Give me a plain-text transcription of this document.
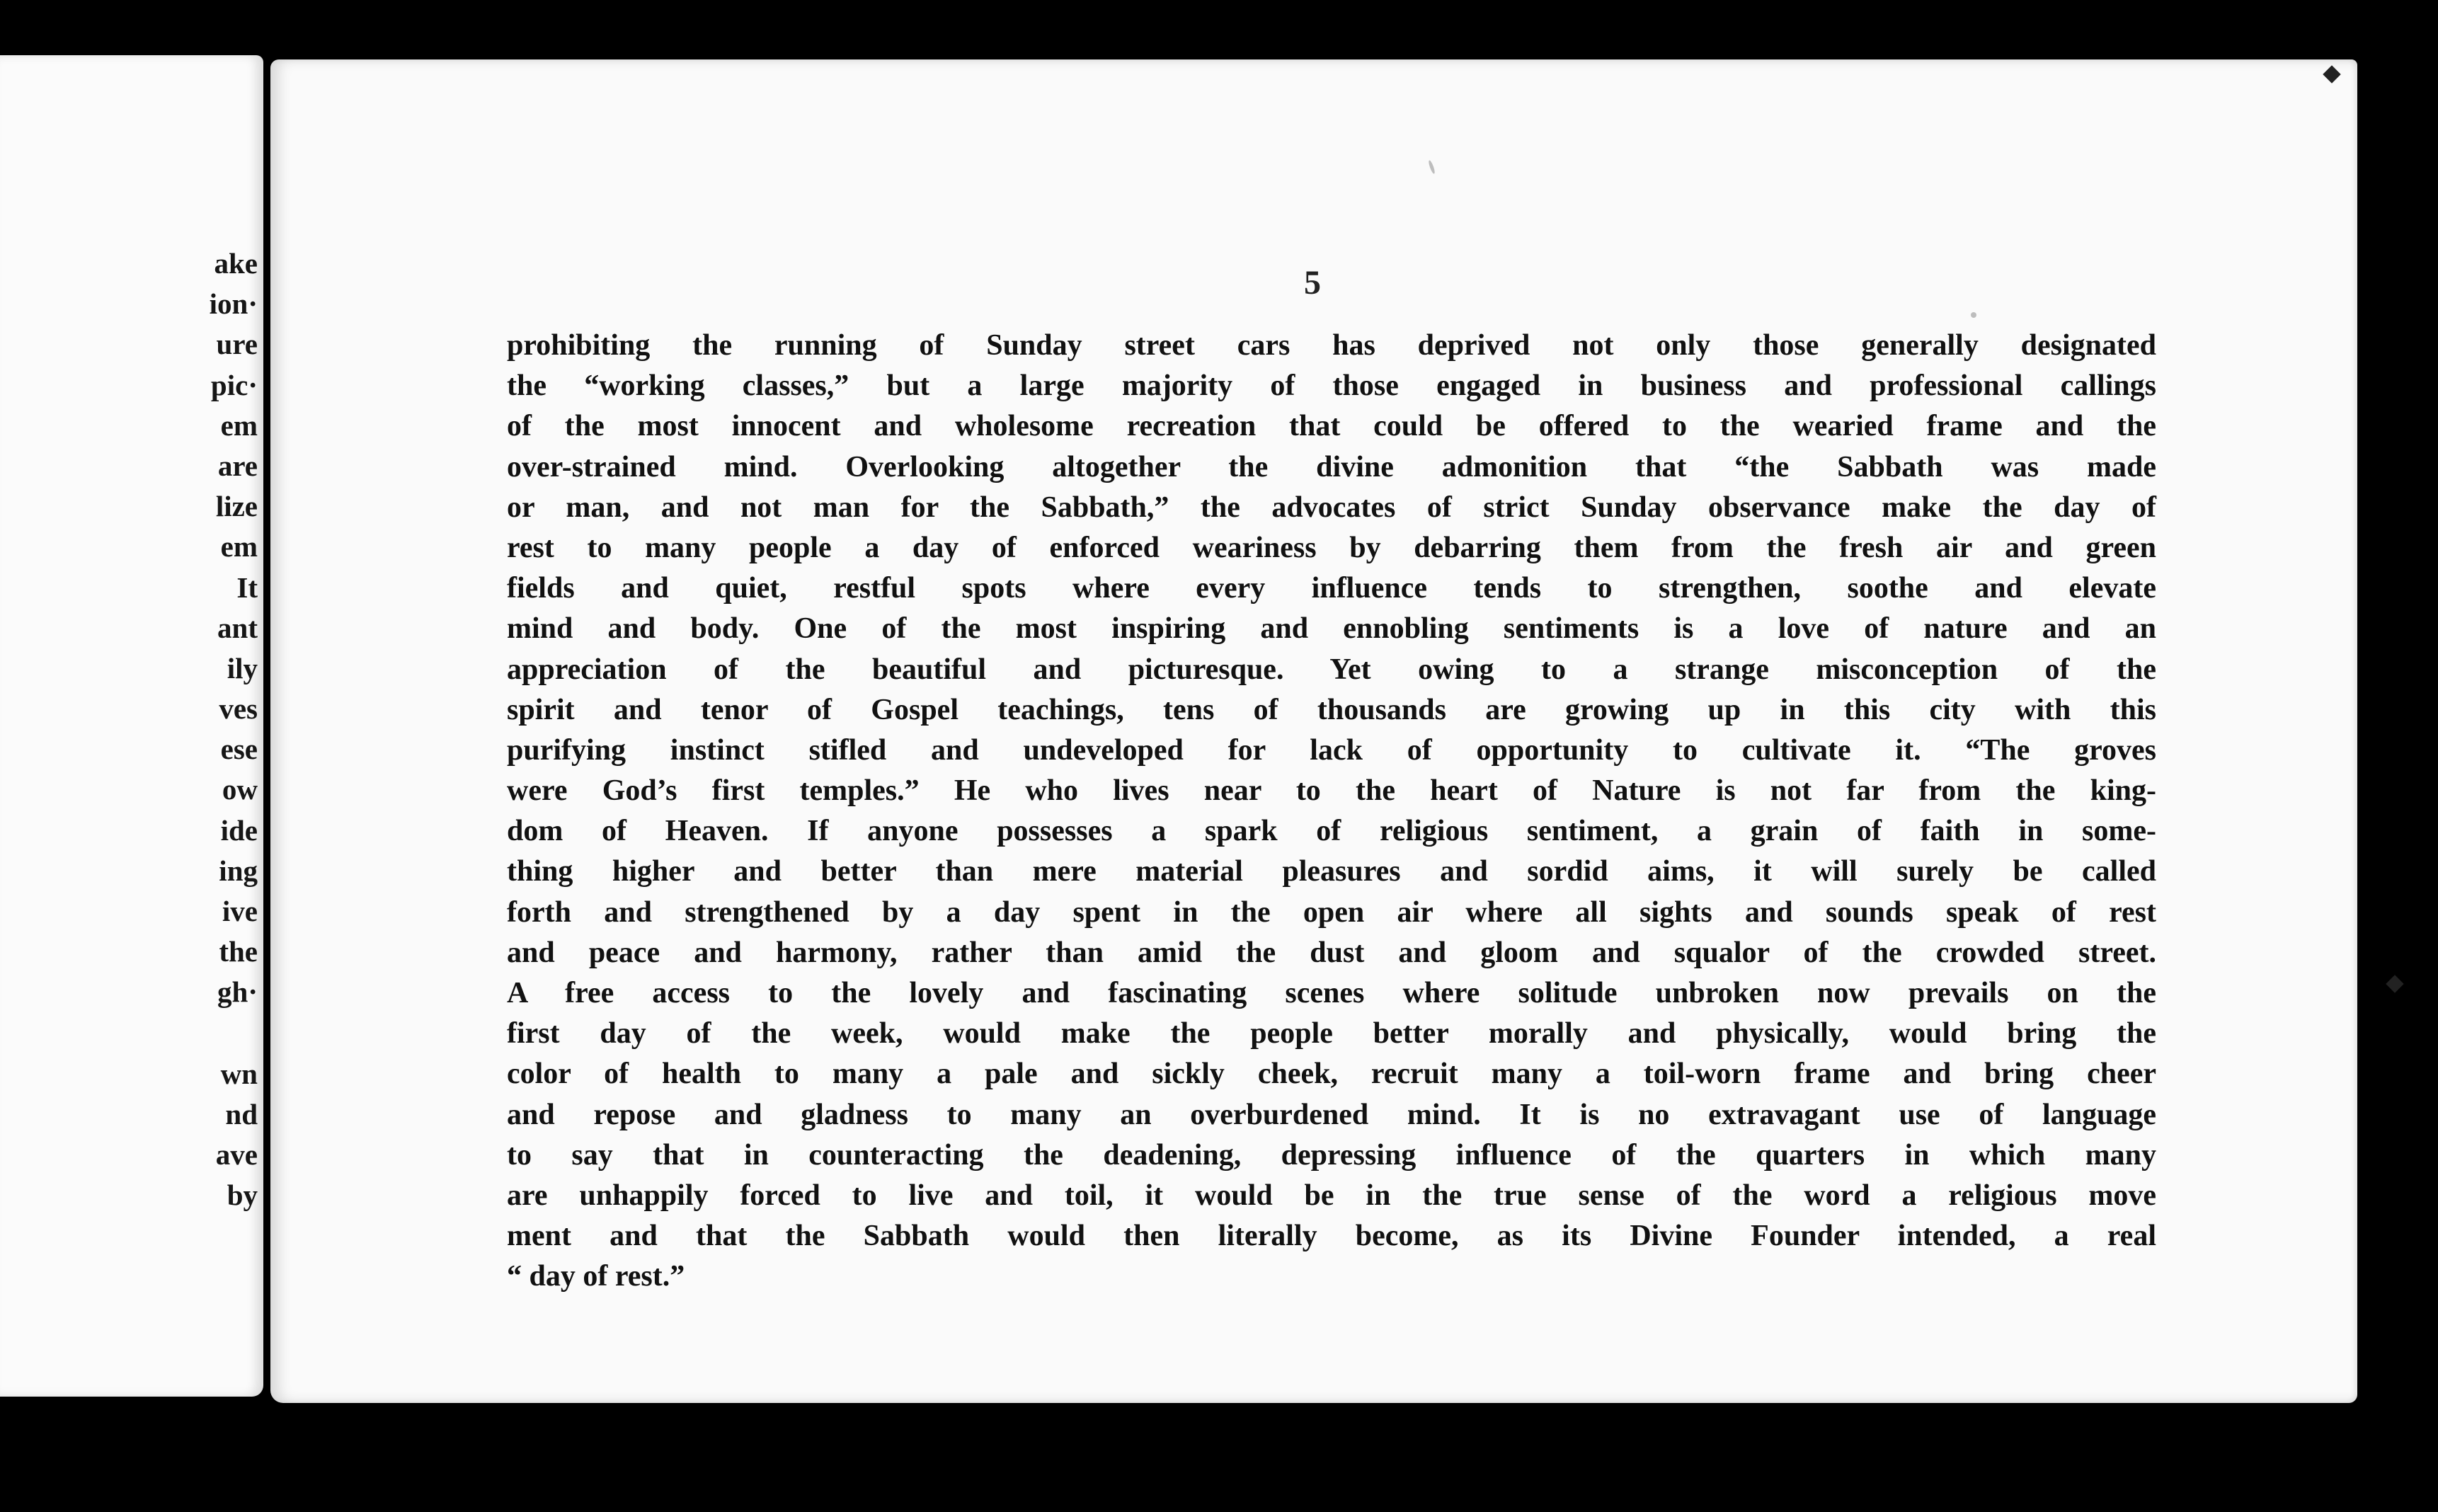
ake
ion·
ure
pic·
em
are
lize
em
It
ant
ily
ves
ese
ow
ide
ing
ive
the
gh·
wn
nd
ave
by
5
prohibiting the running of Sunday street cars has deprived not only those generally designated
the “working classes,” but a large majority of those engaged in business and professional callings
of the most innocent and wholesome recreation that could be offered to the wearied frame and the
over-strained mind. Overlooking altogether the divine admonition that “the Sabbath was made
or man, and not man for the Sabbath,” the advocates of strict Sunday observance make the day of
rest to many people a day of enforced weariness by debarring them from the fresh air and green
fields and quiet, restful spots where every influence tends to strengthen, soothe and elevate
mind and body. One of the most inspiring and ennobling sentiments is a love of nature and an
appreciation of the beautiful and picturesque. Yet owing to a strange misconception of the
spirit and tenor of Gospel teachings, tens of thousands are growing up in this city with this
purifying instinct stifled and undeveloped for lack of opportunity to cultivate it. “The groves
were God’s first temples.” He who lives near to the heart of Nature is not far from the king-
dom of Heaven. If anyone possesses a spark of religious sentiment, a grain of faith in some-
thing higher and better than mere material pleasures and sordid aims, it will surely be called
forth and strengthened by a day spent in the open air where all sights and sounds speak of rest
and peace and harmony, rather than amid the dust and gloom and squalor of the crowded street.
A free access to the lovely and fascinating scenes where solitude unbroken now prevails on the
first day of the week, would make the people better morally and physically, would bring the
color of health to many a pale and sickly cheek, recruit many a toil-worn frame and bring cheer
and repose and gladness to many an overburdened mind. It is no extravagant use of language
to say that in counteracting the deadening, depressing influence of the quarters in which many
are unhappily forced to live and toil, it would be in the true sense of the word a religious move
ment and that the Sabbath would then literally become, as its Divine Founder intended, a real
“ day of rest.”
